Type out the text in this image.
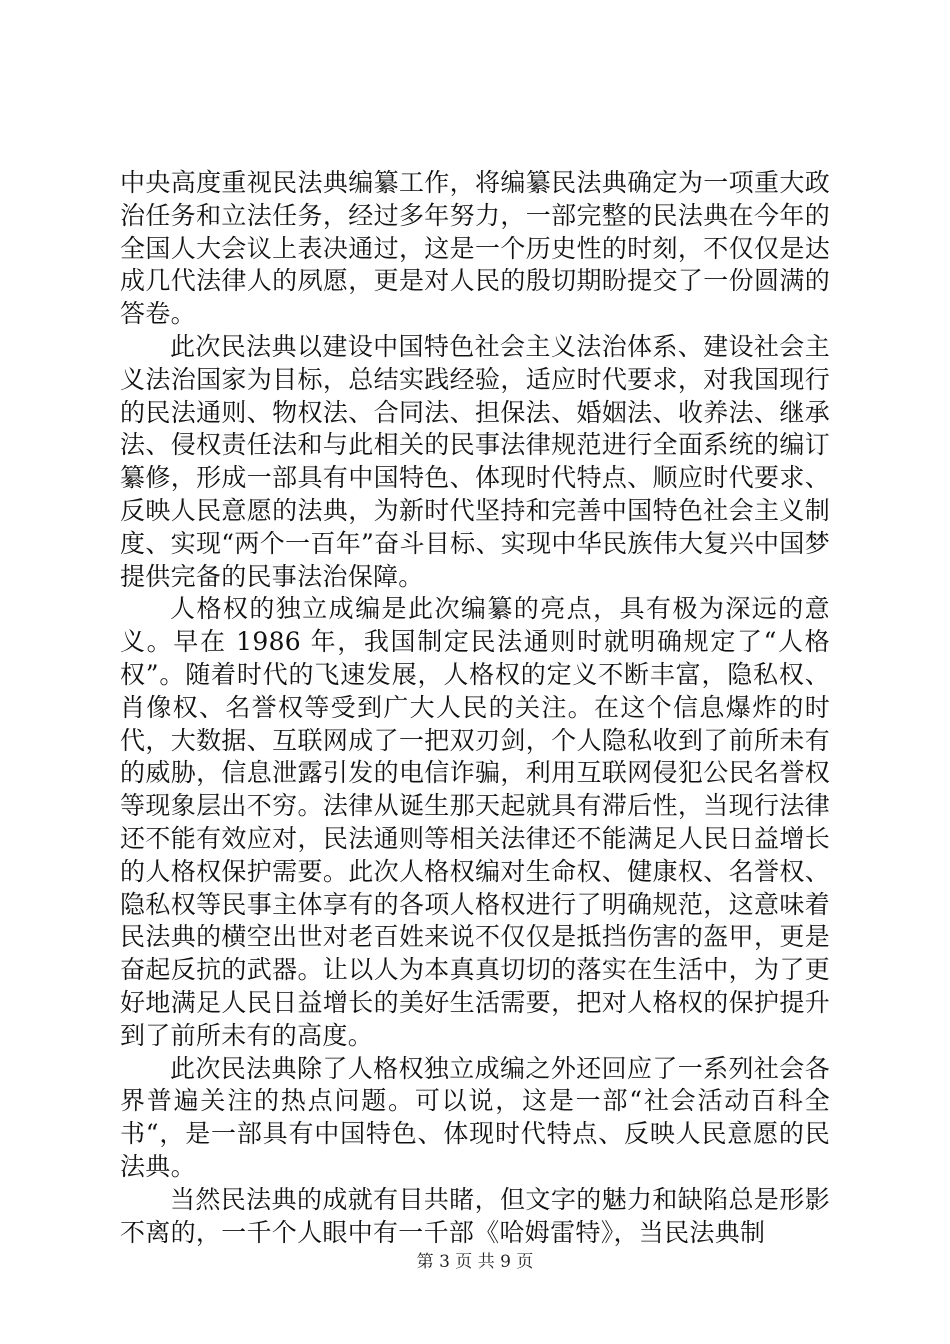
中央高度重视民法典编纂工作，将编纂民法典确定为一项重大政治任务和立法任务，经过多年努力，一部完整的民法典在今年的全国人大会议上表决通过，这是一个历史性的时刻，不仅仅是达成几代法律人的夙愿，更是对人民的殷切期盼提交了一份圆满的答卷。

此次民法典以建设中国特色社会主义法治体系、建设社会主义法治国家为目标，总结实践经验，适应时代要求，对我国现行的民法通则、物权法、合同法、担保法、婚姻法、收养法、继承法、侵权责任法和与此相关的民事法律规范进行全面系统的编订纂修，形成一部具有中国特色、体现时代特点、顺应时代要求、反映人民意愿的法典，为新时代坚持和完善中国特色社会主义制度、实现“两个一百年”奋斗目标、实现中华民族伟大复兴中国梦提供完备的民事法治保障。

人格权的独立成编是此次编纂的亮点，具有极为深远的意义。早在 1986 年，我国制定民法通则时就明确规定了“人格权”。随着时代的飞速发展，人格权的定义不断丰富，隐私权、肖像权、名誉权等受到广大人民的关注。在这个信息爆炸的时代，大数据、互联网成了一把双刃剑，个人隐私收到了前所未有的威胁，信息泄露引发的电信诈骗，利用互联网侵犯公民名誉权等现象层出不穷。法律从诞生那天起就具有滞后性，当现行法律还不能有效应对，民法通则等相关法律还不能满足人民日益增长的人格权保护需要。此次人格权编对生命权、健康权、名誉权、隐私权等民事主体享有的各项人格权进行了明确规范，这意味着民法典的横空出世对老百姓来说不仅仅是抵挡伤害的盔甲，更是奋起反抗的武器。让以人为本真真切切的落实在生活中，为了更好地满足人民日益增长的美好生活需要，把对人格权的保护提升到了前所未有的高度。

此次民法典除了人格权独立成编之外还回应了一系列社会各界普遍关注的热点问题。可以说，这是一部“社会活动百科全书“，是一部具有中国特色、体现时代特点、反映人民意愿的民法典。

当然民法典的成就有目共睹，但文字的魅力和缺陷总是形影不离的，一千个人眼中有一千部《哈姆雷特》，当民法典制

第 3 页 共 9 页
